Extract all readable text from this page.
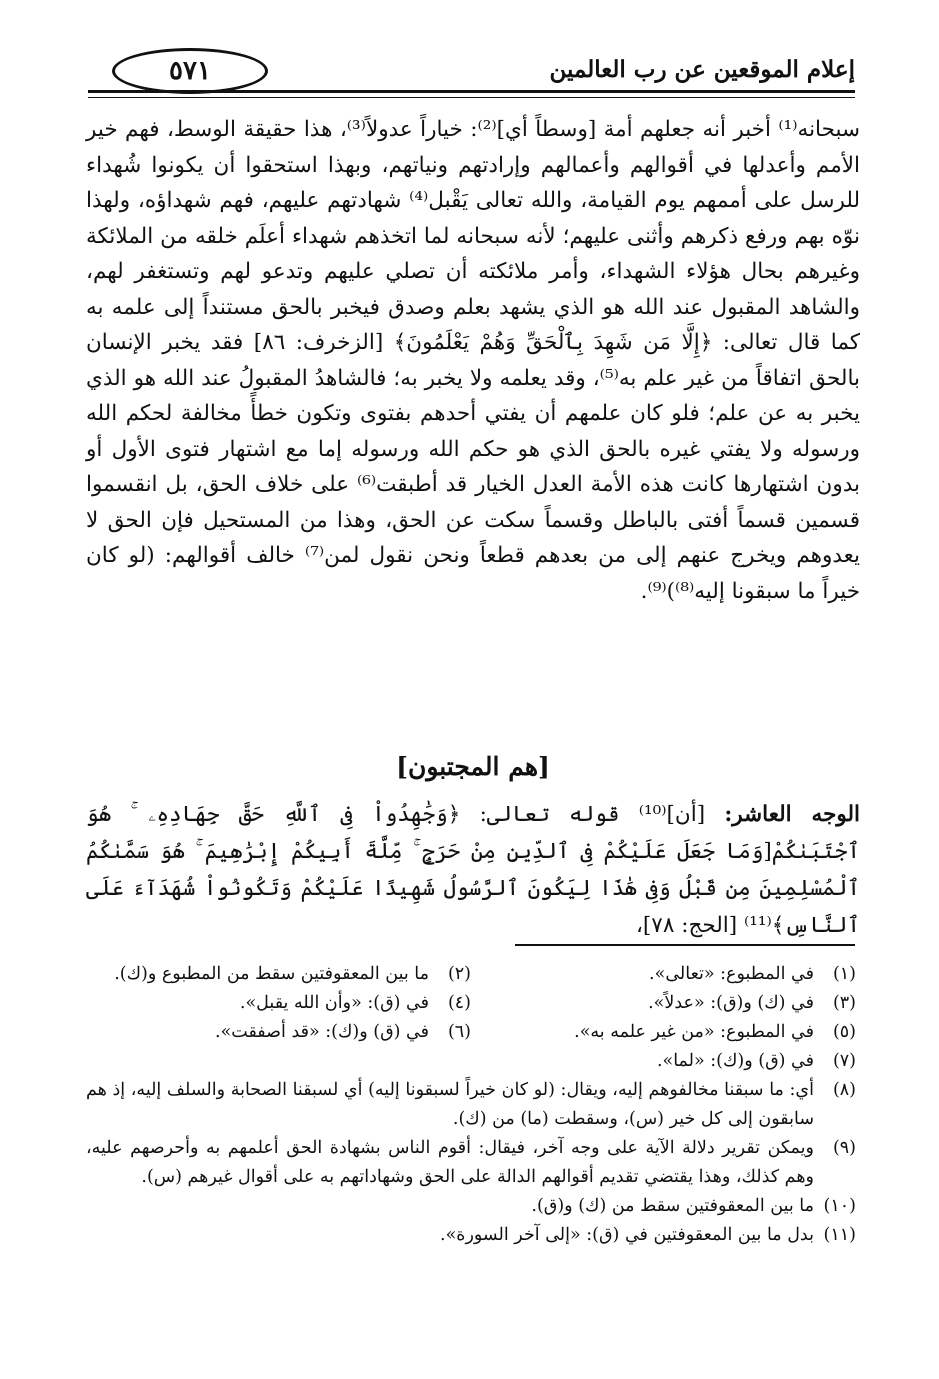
إعلام الموقعين عن رب العالمين
٥٧١

سبحانه⁽¹⁾ أخبر أنه جعلهم أمة [وسطاً أي]⁽²⁾: خياراً عدولاً⁽³⁾، هذا حقيقة الوسط، فهم خير الأمم وأعدلها في أقوالهم وأعمالهم وإرادتهم ونياتهم، وبهذا استحقوا أن يكونوا شُهداء للرسل على أممهم يوم القيامة، والله تعالى يَقْبل⁽⁴⁾ شهادتهم عليهم، فهم شهداؤه، ولهذا نوّه بهم ورفع ذكرهم وأثنى عليهم؛ لأنه سبحانه لما اتخذهم شهداء أعلَم خلقه من الملائكة وغيرهم بحال هؤلاء الشهداء، وأمر ملائكته أن تصلي عليهم وتدعو لهم وتستغفر لهم، والشاهد المقبول عند الله هو الذي يشهد بعلم وصدق فيخبر بالحق مستنداً إلى علمه به كما قال تعالى: ﴿إِلَّا مَن شَهِدَ بِٱلْحَقِّ وَهُمْ يَعْلَمُونَ﴾ [الزخرف: ٨٦] فقد يخبر الإنسان بالحق اتفاقاً من غير علم به⁽⁵⁾، وقد يعلمه ولا يخبر به؛ فالشاهدُ المقبولُ عند الله هو الذي يخبر به عن علم؛ فلو كان علمهم أن يفتي أحدهم بفتوى وتكون خطأً مخالفة لحكم الله ورسوله ولا يفتي غيره بالحق الذي هو حكم الله ورسوله إما مع اشتهار فتوى الأول أو بدون اشتهارها كانت هذه الأمة العدل الخيار قد أطبقت⁽⁶⁾ على خلاف الحق، بل انقسموا قسمين قسماً أفتى بالباطل وقسماً سكت عن الحق، وهذا من المستحيل فإن الحق لا يعدوهم ويخرج عنهم إلى من بعدهم قطعاً ونحن نقول لمن⁽⁷⁾ خالف أقوالهم: (لو كان خيراً ما سبقونا إليه⁽⁸⁾)⁽⁹⁾.

[هم المجتبون]

الوجه العاشر: [أن]⁽¹⁰⁾ قوله تعالى: ﴿وَجَٰهِدُواْ فِى ٱللَّهِ حَقَّ جِهَادِهِۦ ۚ هُوَ ٱجْتَبَىٰكُمْ[وَمَا جَعَلَ عَلَيْكُمْ فِى ٱلدِّينِ مِنْ حَرَجٍ ۚ مِّلَّةَ أَبِيكُمْ إِبْرَٰهِيمَ ۚ هُوَ سَمَّىٰكُمُ ٱلْمُسْلِمِينَ مِن قَبْلُ وَفِى هَٰذَا لِيَكُونَ ٱلرَّسُولُ شَهِيدًا عَلَيْكُمْ وَتَكُونُواْ شُهَدَآءَ عَلَى ٱلنَّاسِ﴾⁽¹¹⁾ [الحج: ٧٨]،

(١)
في المطبوع: «تعالى».
(٢)
ما بين المعقوفتين سقط من المطبوع و(ك).
(٣)
في (ك) و(ق): «عدلاً».
(٤)
في (ق): «وأن الله يقبل».
(٥)
في المطبوع: «من غير علمه به».
(٦)
في (ق) و(ك): «قد أصفقت».
(٧)
في (ق) و(ك): «لما».
(٨)
أي: ما سبقنا مخالفوهم إليه، ويقال: (لو كان خيراً لسبقونا إليه) أي لسبقنا الصحابة والسلف إليه، إذ هم سابقون إلى كل خير (س)، وسقطت (ما) من (ك).
(٩)
ويمكن تقرير دلالة الآية على وجه آخر، فيقال: أقوم الناس بشهادة الحق أعلمهم به وأحرصهم عليه، وهم كذلك، وهذا يقتضي تقديم أقوالهم الدالة على الحق وشهاداتهم به على أقوال غيرهم (س).
(١٠)
ما بين المعقوفتين سقط من (ك) و(ق).
(١١)
بدل ما بين المعقوفتين في (ق): «إلى آخر السورة».
